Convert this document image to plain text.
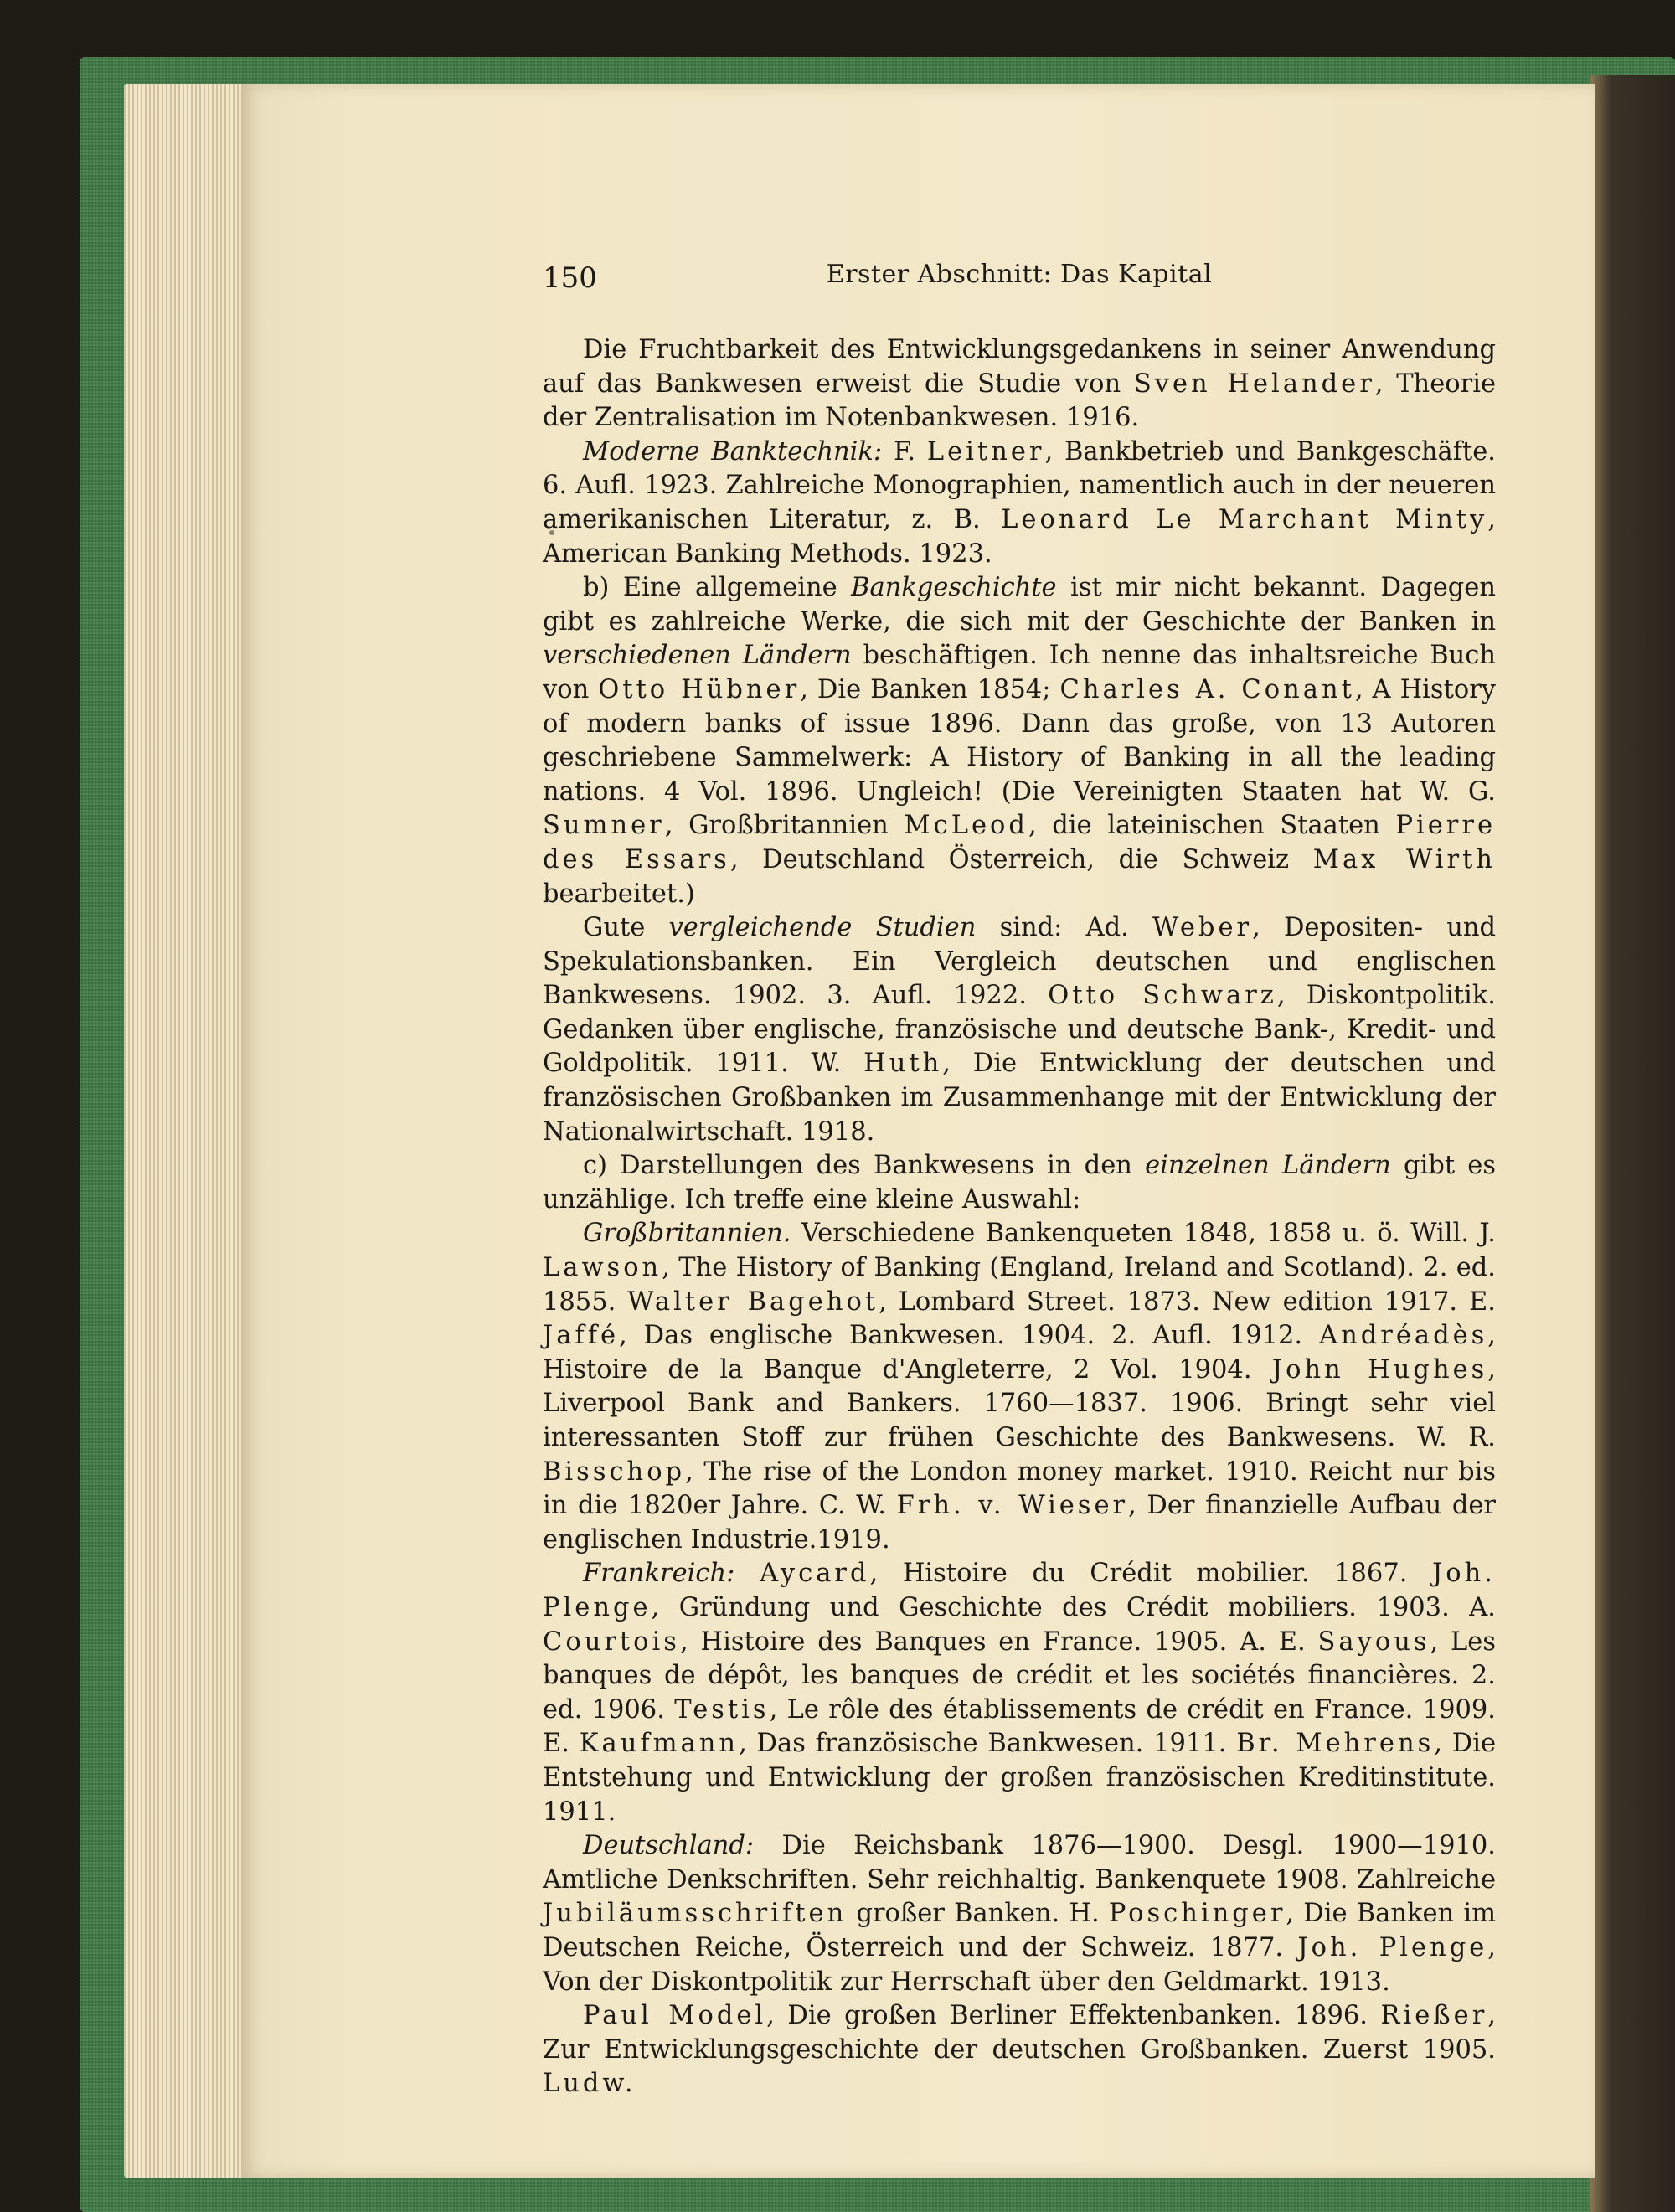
150	Erster Abschnitt: Das Kapital

Die Fruchtbarkeit des Entwicklungsgedankens in seiner Anwendung auf das Bankwesen erweist die Studie von Sven Helander, Theorie der Zentralisation im Notenbankwesen. 1916.

Moderne Banktechnik: F. Leitner, Bankbetrieb und Bankgeschäfte. 6. Aufl. 1923. Zahlreiche Monographien, namentlich auch in der neueren amerikanischen Literatur, z. B. Leonard Le Marchant Minty, American Banking Methods. 1923.

b) Eine allgemeine Bankgeschichte ist mir nicht bekannt. Dagegen gibt es zahlreiche Werke, die sich mit der Geschichte der Banken in verschiedenen Ländern beschäftigen. Ich nenne das inhaltsreiche Buch von Otto Hübner, Die Banken 1854; Charles A. Conant, A History of modern banks of issue 1896. Dann das große, von 13 Autoren geschriebene Sammelwerk: A History of Banking in all the leading nations. 4 Vol. 1896. Ungleich! (Die Vereinigten Staaten hat W. G. Sumner, Großbritannien McLeod, die lateinischen Staaten Pierre des Essars, Deutschland Österreich, die Schweiz Max Wirth bearbeitet.)

Gute vergleichende Studien sind: Ad. Weber, Depositen- und Spekulationsbanken. Ein Vergleich deutschen und englischen Bankwesens. 1902. 3. Aufl. 1922. Otto Schwarz, Diskontpolitik. Gedanken über englische, französische und deutsche Bank-, Kredit- und Goldpolitik. 1911. W. Huth, Die Entwicklung der deutschen und französischen Großbanken im Zusammenhange mit der Entwicklung der Nationalwirtschaft. 1918.

c) Darstellungen des Bankwesens in den einzelnen Ländern gibt es unzählige. Ich treffe eine kleine Auswahl:

Großbritannien. Verschiedene Bankenqueten 1848, 1858 u. ö. Will. J. Lawson, The History of Banking (England, Ireland and Scotland). 2. ed. 1855. Walter Bagehot, Lombard Street. 1873. New edition 1917. E. Jaffé, Das englische Bankwesen. 1904. 2. Aufl. 1912. Andréadès, Histoire de la Banque d'Angleterre, 2 Vol. 1904. John Hughes, Liverpool Bank and Bankers. 1760—1837. 1906. Bringt sehr viel interessanten Stoff zur frühen Geschichte des Bankwesens. W. R. Bisschop, The rise of the London money market. 1910. Reicht nur bis in die 1820er Jahre. C. W. Frh. v. Wieser, Der finanzielle Aufbau der englischen Industrie.1919.

Frankreich: Aycard, Histoire du Crédit mobilier. 1867. Joh. Plenge, Gründung und Geschichte des Crédit mobiliers. 1903. A. Courtois, Histoire des Banques en France. 1905. A. E. Sayous, Les banques de dépôt, les banques de crédit et les sociétés financières. 2. ed. 1906. Testis, Le rôle des établissements de crédit en France. 1909. E. Kaufmann, Das französische Bankwesen. 1911. Br. Mehrens, Die Entstehung und Entwicklung der großen französischen Kreditinstitute. 1911.

Deutschland: Die Reichsbank 1876—1900. Desgl. 1900—1910. Amtliche Denkschriften. Sehr reichhaltig. Bankenquete 1908. Zahlreiche Jubiläumsschriften großer Banken. H. Poschinger, Die Banken im Deutschen Reiche, Österreich und der Schweiz. 1877. Joh. Plenge, Von der Diskontpolitik zur Herrschaft über den Geldmarkt. 1913.

Paul Model, Die großen Berliner Effektenbanken. 1896. Rießer, Zur Entwicklungsgeschichte der deutschen Großbanken. Zuerst 1905. Ludw.
